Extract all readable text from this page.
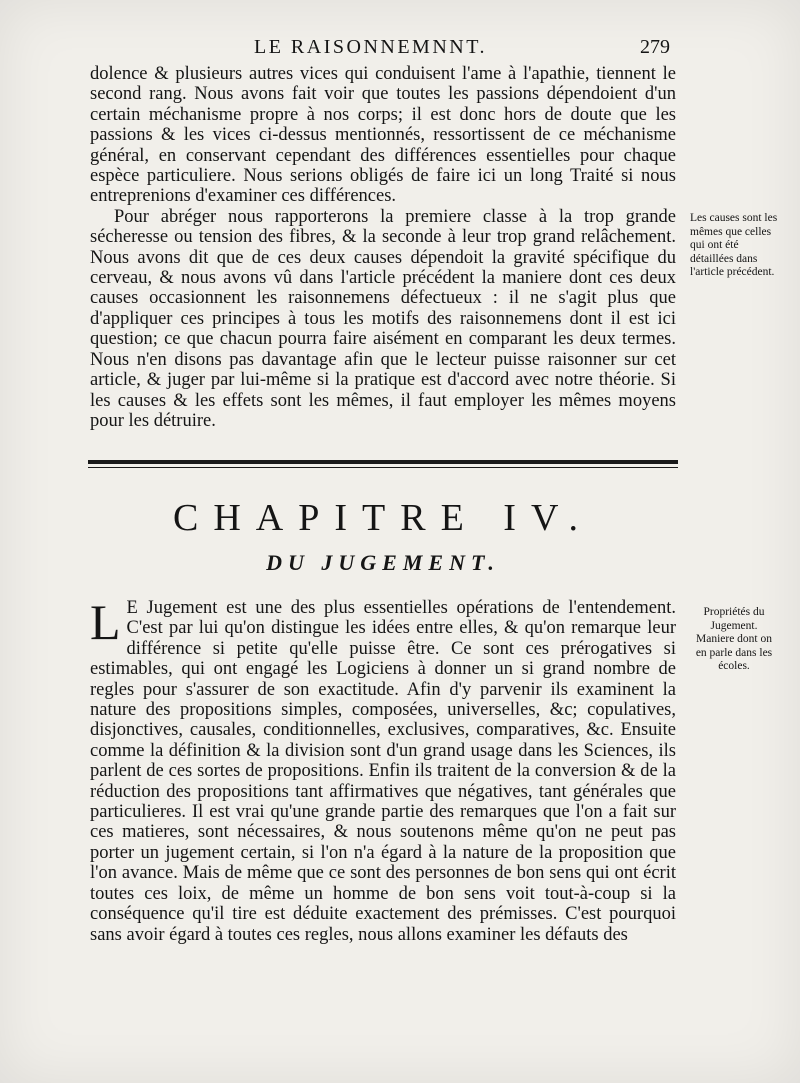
LE RAISONNEMNNT.	279

dolence & plusieurs autres vices qui conduisent l'ame à l'apathie, tiennent le second rang. Nous avons fait voir que toutes les passions dépendoient d'un certain méchanisme propre à nos corps; il est donc hors de doute que les passions & les vices ci-dessus mentionnés, ressortissent de ce méchanisme général, en conservant cependant des différences essentielles pour chaque espèce particuliere. Nous serions obligés de faire ici un long Traité si nous entreprenions d'examiner ces différences.

Pour abréger nous rapporterons la premiere classe à la trop grande sécheresse ou tension des fibres, & la seconde à leur trop grand relâchement. Nous avons dit que de ces deux causes dépendoit la gravité spécifique du cerveau, & nous avons vû dans l'article précédent la maniere dont ces deux causes occasionnent les raisonnemens défectueux : il ne s'agit plus que d'appliquer ces principes à tous les motifs des raisonnemens dont il est ici question; ce que chacun pourra faire aisément en comparant les deux termes. Nous n'en disons pas davantage afin que le lecteur puisse raisonner sur cet article, & juger par lui-même si la pratique est d'accord avec notre théorie. Si les causes & les effets sont les mêmes, il faut employer les mêmes moyens pour les détruire.

Les causes sont les mêmes que celles qui ont été détaillées dans l'article précédent.
CHAPITRE IV.
DU JUGEMENT.
L E Jugement est une des plus essentielles opérations de l'entendement. C'est par lui qu'on distingue les idées entre elles, & qu'on remarque leur différence si petite qu'elle puisse être. Ce sont ces prérogatives si estimables, qui ont engagé les Logiciens à donner un si grand nombre de regles pour s'assurer de son exactitude. Afin d'y parvenir ils examinent la nature des propositions simples, composées, universelles, &c; copulatives, disjonctives, causales, conditionnelles, exclusives, comparatives, &c. Ensuite comme la définition & la division sont d'un grand usage dans les Sciences, ils parlent de ces sortes de propositions. Enfin ils traitent de la conversion & de la réduction des propositions tant affirmatives que négatives, tant générales que particulieres. Il est vrai qu'une grande partie des remarques que l'on a fait sur ces matieres, sont nécessaires, & nous soutenons même qu'on ne peut pas porter un jugement certain, si l'on n'a égard à la nature de la proposition que l'on avance. Mais de même que ce sont des personnes de bon sens qui ont écrit toutes ces loix, de même un homme de bon sens voit tout-à-coup si la conséquence qu'il tire est déduite exactement des prémisses. C'est pourquoi sans avoir égard à toutes ces regles, nous allons examiner les défauts des

Propriétés du Jugement. Maniere dont on en parle dans les écoles.
